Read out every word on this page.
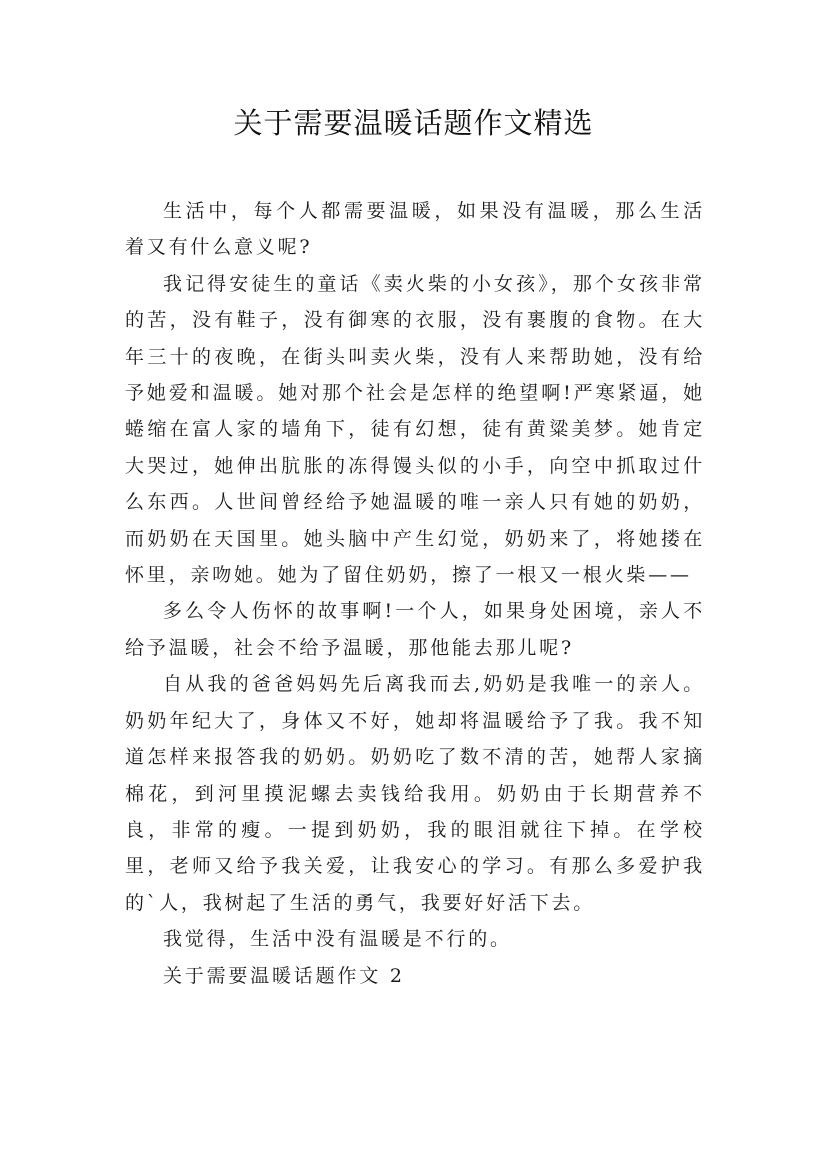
关于需要温暖话题作文精选

生活中，每个人都需要温暖，如果没有温暖，那么生活着又有什么意义呢?

我记得安徒生的童话《卖火柴的小女孩》，那个女孩非常的苦，没有鞋子，没有御寒的衣服，没有裹腹的食物。在大年三十的夜晚，在街头叫卖火柴，没有人来帮助她，没有给予她爱和温暖。她对那个社会是怎样的绝望啊!严寒紧逼，她蜷缩在富人家的墙角下，徒有幻想，徒有黄粱美梦。她肯定大哭过，她伸出肮胀的冻得馒头似的小手，向空中抓取过什么东西。人世间曾经给予她温暖的唯一亲人只有她的奶奶，而奶奶在天国里。她头脑中产生幻觉，奶奶来了，将她搂在怀里，亲吻她。她为了留住奶奶，擦了一根又一根火柴——

多么令人伤怀的故事啊!一个人，如果身处困境，亲人不给予温暖，社会不给予温暖，那他能去那儿呢?

自从我的爸爸妈妈先后离我而去,奶奶是我唯一的亲人。奶奶年纪大了，身体又不好，她却将温暖给予了我。我不知道怎样来报答我的奶奶。奶奶吃了数不清的苦，她帮人家摘棉花，到河里摸泥螺去卖钱给我用。奶奶由于长期营养不良，非常的瘦。一提到奶奶，我的眼泪就往下掉。在学校里，老师又给予我关爱，让我安心的学习。有那么多爱护我的`人，我树起了生活的勇气，我要好好活下去。

我觉得，生活中没有温暖是不行的。

关于需要温暖话题作文 2
